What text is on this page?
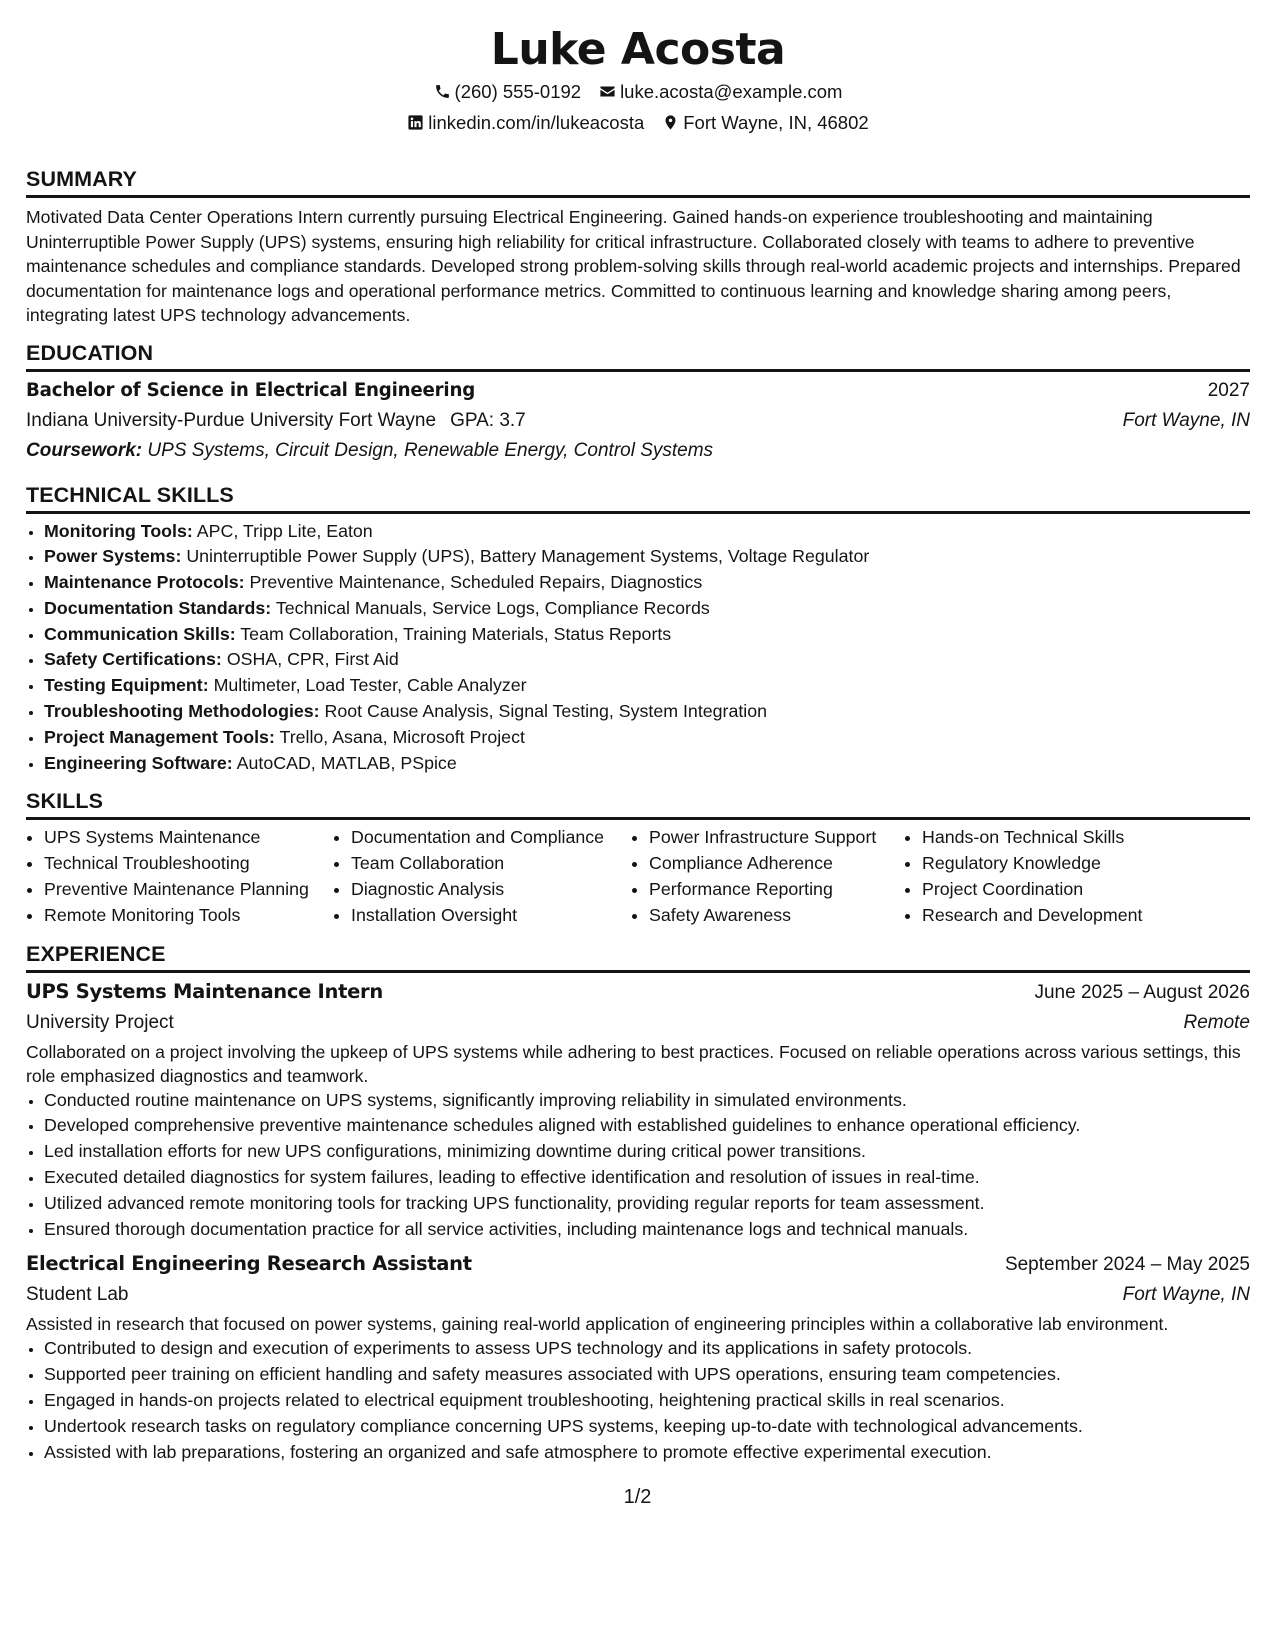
Luke Acosta
(260) 555-0192 luke.acosta@example.com
linkedin.com/in/lukeacosta Fort Wayne, IN, 46802
SUMMARY

Motivated Data Center Operations Intern currently pursuing Electrical Engineering. Gained hands-on experience troubleshooting and maintaining Uninterruptible Power Supply (UPS) systems, ensuring high reliability for critical infrastructure. Collaborated closely with teams to adhere to preventive maintenance schedules and compliance standards. Developed strong problem-solving skills through real-world academic projects and internships. Prepared documentation for maintenance logs and operational performance metrics. Committed to continuous learning and knowledge sharing among peers, integrating latest UPS technology advancements.

EDUCATION
Bachelor of Science in Electrical Engineering	2027
Indiana University-Purdue University Fort Wayne GPA: 3.7	Fort Wayne, IN
Coursework: UPS Systems, Circuit Design, Renewable Energy, Control Systems
TECHNICAL SKILLS
• Monitoring Tools: APC, Tripp Lite, Eaton
• Power Systems: Uninterruptible Power Supply (UPS), Battery Management Systems, Voltage Regulator
• Maintenance Protocols: Preventive Maintenance, Scheduled Repairs, Diagnostics
• Documentation Standards: Technical Manuals, Service Logs, Compliance Records
• Communication Skills: Team Collaboration, Training Materials, Status Reports
• Safety Certifications: OSHA, CPR, First Aid
• Testing Equipment: Multimeter, Load Tester, Cable Analyzer
• Troubleshooting Methodologies: Root Cause Analysis, Signal Testing, System Integration
• Project Management Tools: Trello, Asana, Microsoft Project
• Engineering Software: AutoCAD, MATLAB, PSpice
SKILLS
• UPS Systems Maintenance
• Technical Troubleshooting
• Preventive Maintenance Planning
• Remote Monitoring Tools
• Documentation and Compliance
• Team Collaboration
• Diagnostic Analysis
• Installation Oversight
• Power Infrastructure Support
• Compliance Adherence
• Performance Reporting
• Safety Awareness
• Hands-on Technical Skills
• Regulatory Knowledge
• Project Coordination
• Research and Development
EXPERIENCE
UPS Systems Maintenance Intern	June 2025 – August 2026
University Project	Remote

Collaborated on a project involving the upkeep of UPS systems while adhering to best practices. Focused on reliable operations across various settings, this role emphasized diagnostics and teamwork.

• Conducted routine maintenance on UPS systems, significantly improving reliability in simulated environments.
• Developed comprehensive preventive maintenance schedules aligned with established guidelines to enhance operational efficiency.
• Led installation efforts for new UPS configurations, minimizing downtime during critical power transitions.
• Executed detailed diagnostics for system failures, leading to effective identification and resolution of issues in real-time.
• Utilized advanced remote monitoring tools for tracking UPS functionality, providing regular reports for team assessment.
• Ensured thorough documentation practice for all service activities, including maintenance logs and technical manuals.
Electrical Engineering Research Assistant	September 2024 – May 2025
Student Lab	Fort Wayne, IN

Assisted in research that focused on power systems, gaining real-world application of engineering principles within a collaborative lab environment.

• Contributed to design and execution of experiments to assess UPS technology and its applications in safety protocols.
• Supported peer training on efficient handling and safety measures associated with UPS operations, ensuring team competencies.
• Engaged in hands-on projects related to electrical equipment troubleshooting, heightening practical skills in real scenarios.
• Undertook research tasks on regulatory compliance concerning UPS systems, keeping up-to-date with technological advancements.
• Assisted with lab preparations, fostering an organized and safe atmosphere to promote effective experimental execution.
1/2
